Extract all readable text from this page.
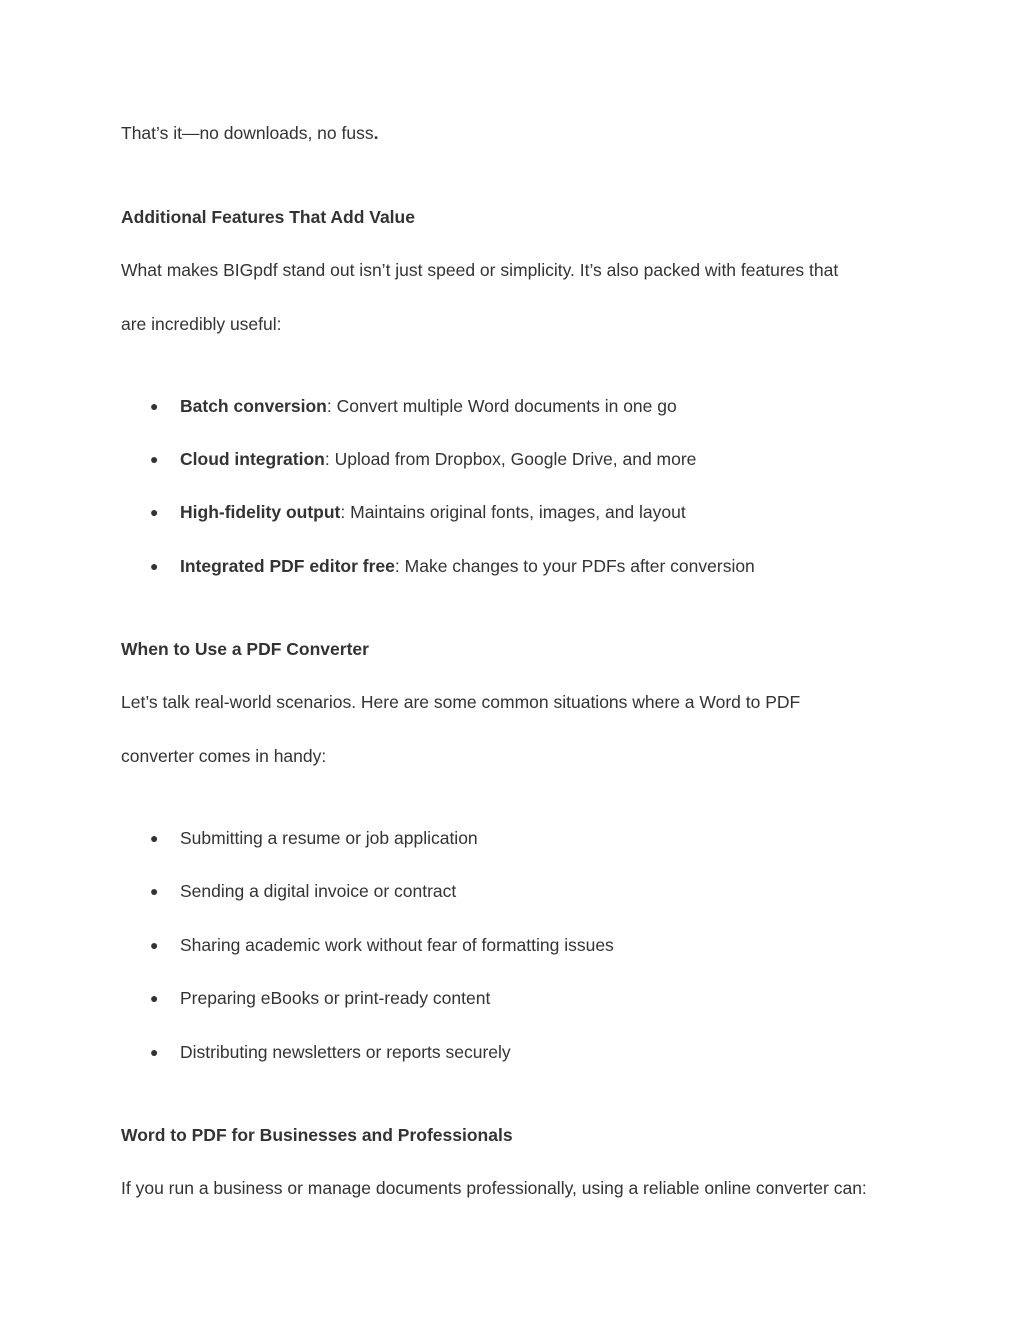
That’s it—no downloads, no fuss.
Additional Features That Add Value
What makes BIGpdf stand out isn’t just speed or simplicity. It’s also packed with features that
are incredibly useful:
● Batch conversion: Convert multiple Word documents in one go
● Cloud integration: Upload from Dropbox, Google Drive, and more
● High-fidelity output: Maintains original fonts, images, and layout
● Integrated PDF editor free: Make changes to your PDFs after conversion
When to Use a PDF Converter
Let’s talk real-world scenarios. Here are some common situations where a Word to PDF
converter comes in handy:
● Submitting a resume or job application
● Sending a digital invoice or contract
● Sharing academic work without fear of formatting issues
● Preparing eBooks or print-ready content
● Distributing newsletters or reports securely
Word to PDF for Businesses and Professionals
If you run a business or manage documents professionally, using a reliable online converter can:
